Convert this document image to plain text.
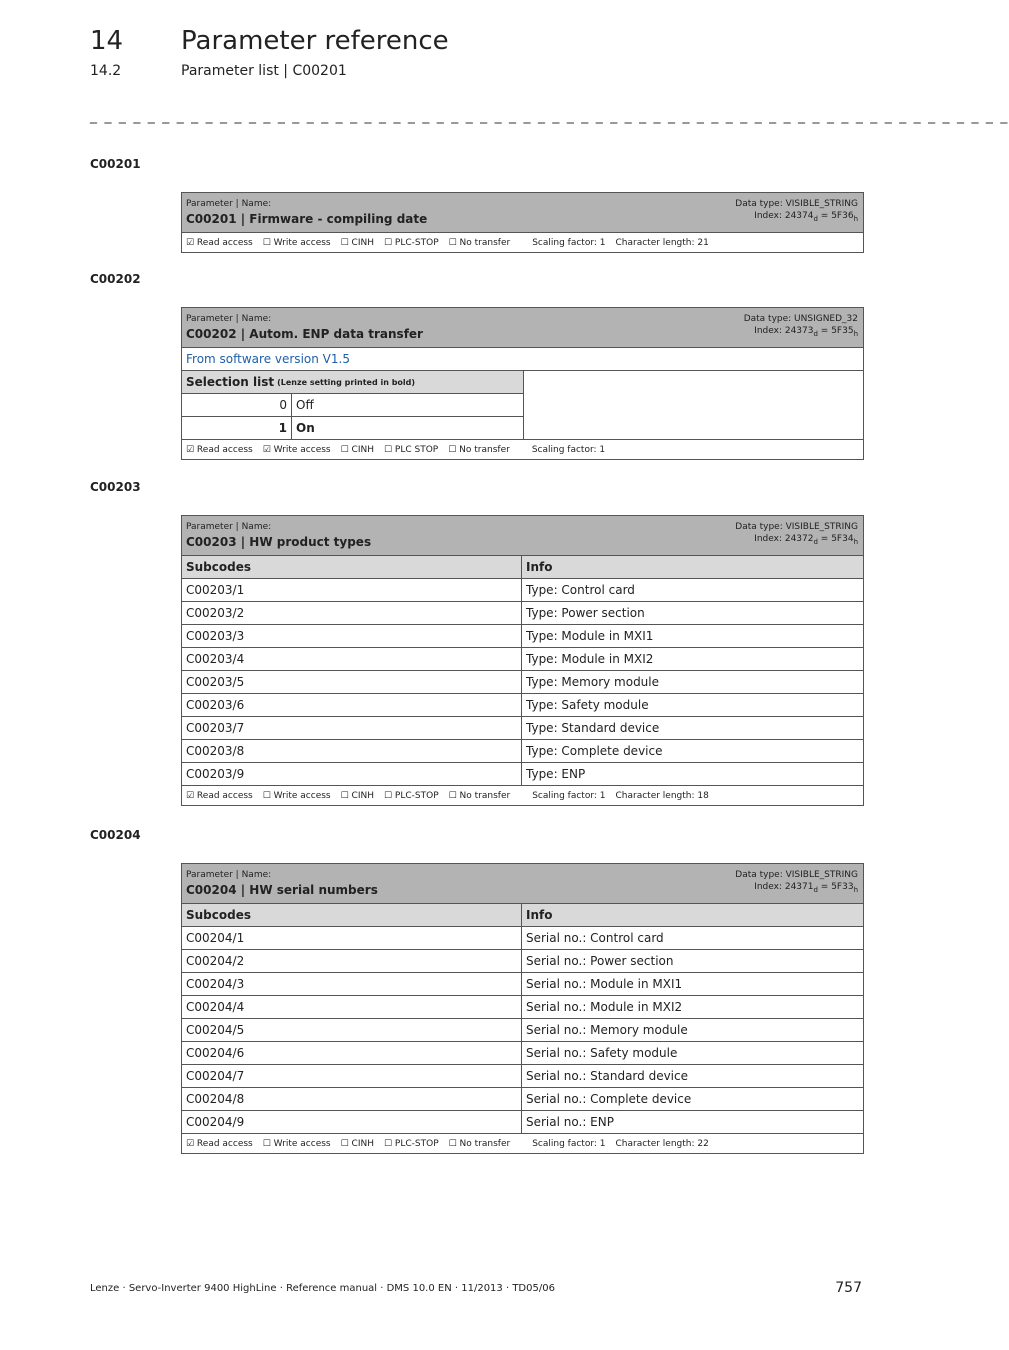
14 Parameter reference
14.2	Parameter list | C00201
_ _ _ _ _ _ _ _ _ _ _ _ _ _ _ _ _ _ _ _ _ _ _ _ _ _ _ _ _ _ _ _ _ _ _ _ _ _ _ _ _ _ _ _ _ _ _ _ _ _ _ _ _ _ _ _ _ _ _ _ _ _ _ _
C00201
Parameter | Name:
C00201 | Firmware - compiling date
Data type: VISIBLE_STRING
Index: $24374_d = 5F36_h$
☑ Read access ☐ Write access ☐ CINH ☐ PLC-STOP ☐ No transfer Scaling factor: 1 Character length: 21
C00202
Parameter | Name:
C00202 | Autom. ENP data transfer
Data type: UNSIGNED_32
Index: $24373_d = 5F35_h$
From software version V1.5
Selection list (Lenze setting printed in bold)
0 Off
1 On
☑ Read access ☑ Write access ☐ CINH ☐ PLC STOP ☐ No transfer Scaling factor: 1
C00203
Parameter | Name:
C00203 | HW product types
Data type: VISIBLE_STRING
Index: $24372_d = 5F34_h$
Subcodes	Info
C00203/1	Type: Control card
C00203/2	Type: Power section
C00203/3	Type: Module in MXI1
C00203/4	Type: Module in MXI2
C00203/5	Type: Memory module
C00203/6	Type: Safety module
C00203/7	Type: Standard device
C00203/8	Type: Complete device
C00203/9	Type: ENP
☑ Read access ☐ Write access ☐ CINH ☐ PLC-STOP ☐ No transfer Scaling factor: 1 Character length: 18
C00204
Parameter | Name:
C00204 | HW serial numbers
Data type: VISIBLE_STRING
Index: $24371_d = 5F33_h$
Subcodes	Info
C00204/1	Serial no.: Control card
C00204/2	Serial no.: Power section
C00204/3	Serial no.: Module in MXI1
C00204/4	Serial no.: Module in MXI2
C00204/5	Serial no.: Memory module
C00204/6	Serial no.: Safety module
C00204/7	Serial no.: Standard device
C00204/8	Serial no.: Complete device
C00204/9	Serial no.: ENP
☑ Read access ☐ Write access ☐ CINH ☐ PLC-STOP ☐ No transfer Scaling factor: 1 Character length: 22
Lenze · Servo-Inverter 9400 HighLine · Reference manual · DMS 10.0 EN · 11/2013 · TD05/06	757
